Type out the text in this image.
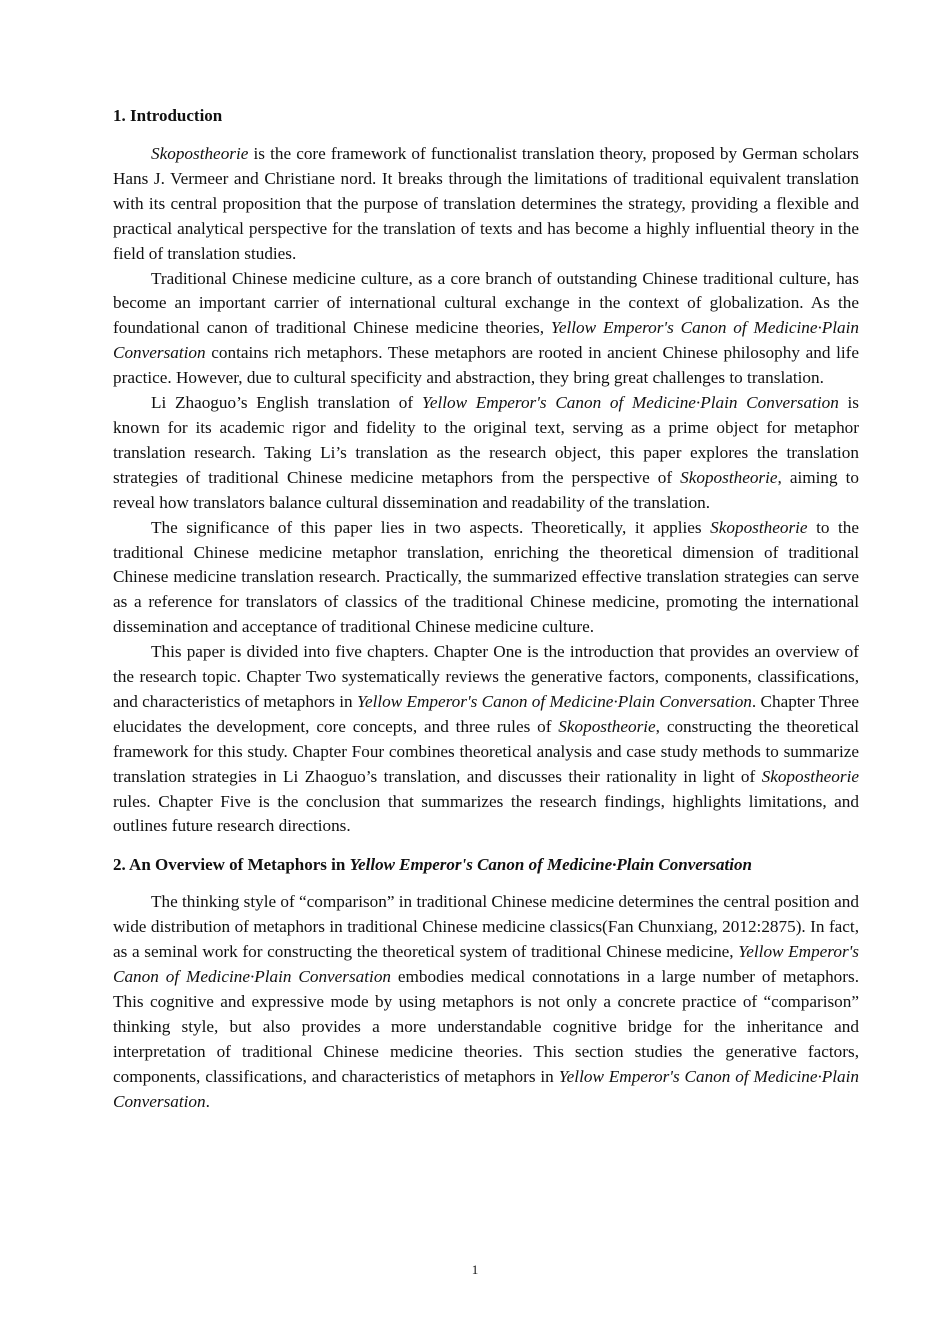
1. Introduction

Skopostheorie is the core framework of functionalist translation theory, proposed by German scholars Hans J. Vermeer and Christiane nord. It breaks through the limitations of traditional equivalent translation with its central proposition that the purpose of translation determines the strategy, providing a flexible and practical analytical perspective for the translation of texts and has become a highly influential theory in the field of translation studies.

Traditional Chinese medicine culture, as a core branch of outstanding Chinese traditional culture, has become an important carrier of international cultural exchange in the context of globalization. As the foundational canon of traditional Chinese medicine theories, Yellow Emperor's Canon of Medicine·Plain Conversation contains rich metaphors. These metaphors are rooted in ancient Chinese philosophy and life practice. However, due to cultural specificity and abstraction, they bring great challenges to translation.

Li Zhaoguo’s English translation of Yellow Emperor's Canon of Medicine·Plain Conversation is known for its academic rigor and fidelity to the original text, serving as a prime object for metaphor translation research. Taking Li’s translation as the research object, this paper explores the translation strategies of traditional Chinese medicine metaphors from the perspective of Skopostheorie, aiming to reveal how translators balance cultural dissemination and readability of the translation.

The significance of this paper lies in two aspects. Theoretically, it applies Skopostheorie to the traditional Chinese medicine metaphor translation, enriching the theoretical dimension of traditional Chinese medicine translation research. Practically, the summarized effective translation strategies can serve as a reference for translators of classics of the traditional Chinese medicine, promoting the international dissemination and acceptance of traditional Chinese medicine culture.

This paper is divided into five chapters. Chapter One is the introduction that provides an overview of the research topic. Chapter Two systematically reviews the generative factors, components, classifications, and characteristics of metaphors in Yellow Emperor's Canon of Medicine·Plain Conversation. Chapter Three elucidates the development, core concepts, and three rules of Skopostheorie, constructing the theoretical framework for this study. Chapter Four combines theoretical analysis and case study methods to summarize translation strategies in Li Zhaoguo’s translation, and discusses their rationality in light of Skopostheorie rules. Chapter Five is the conclusion that summarizes the research findings, highlights limitations, and outlines future research directions.

2. An Overview of Metaphors in Yellow Emperor's Canon of Medicine·Plain Conversation

The thinking style of “comparison” in traditional Chinese medicine determines the central position and wide distribution of metaphors in traditional Chinese medicine classics(Fan Chunxiang, 2012:2875). In fact, as a seminal work for constructing the theoretical system of traditional Chinese medicine, Yellow Emperor's Canon of Medicine·Plain Conversation embodies medical connotations in a large number of metaphors. This cognitive and expressive mode by using metaphors is not only a concrete practice of “comparison” thinking style, but also provides a more understandable cognitive bridge for the inheritance and interpretation of traditional Chinese medicine theories. This section studies the generative factors, components, classifications, and characteristics of metaphors in Yellow Emperor's Canon of Medicine·Plain Conversation.

1
